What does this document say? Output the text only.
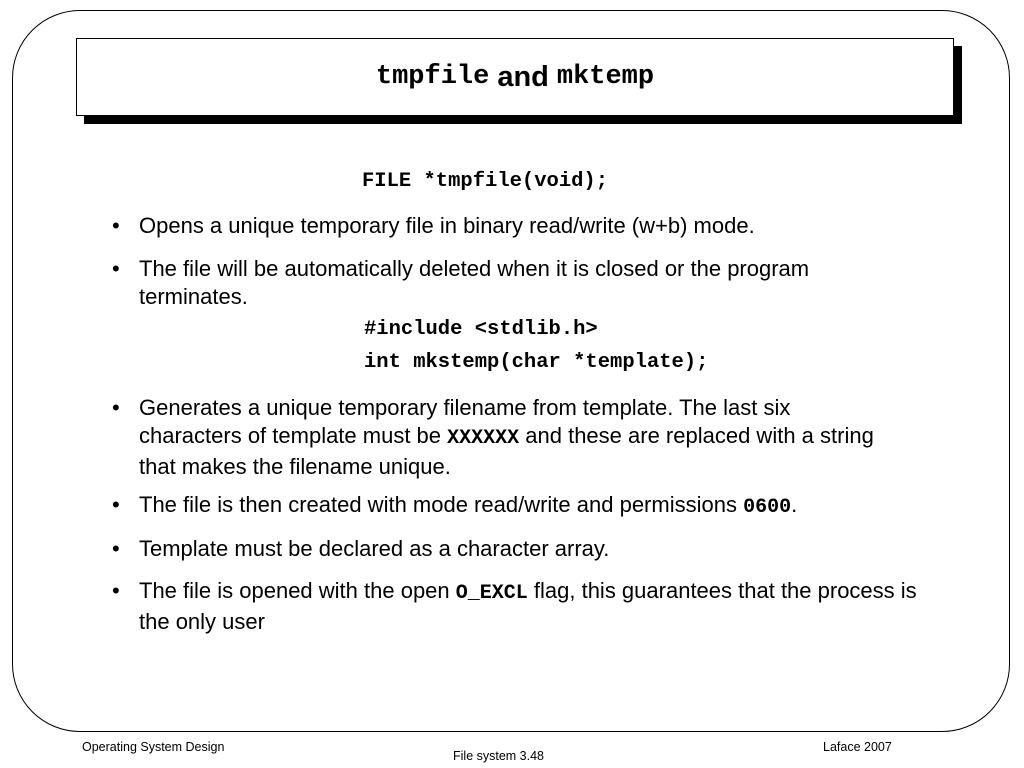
tmpfile and mktemp
FILE *tmpfile(void);
• Opens a unique temporary file in binary read/write (w+b) mode.
• The file will be automatically deleted when it is closed or the program terminates.
#include <stdlib.h>
int mkstemp(char *template);
• Generates a unique temporary filename from template. The last six characters of template must be XXXXXX and these are replaced with a string that makes the filename unique.
• The file is then created with mode read/write and permissions 0600.
• Template must be declared as a character array.
• The file is opened with the open O_EXCL flag, this guarantees that the process is the only user
Operating System Design
File system 3.48
Laface 2007
